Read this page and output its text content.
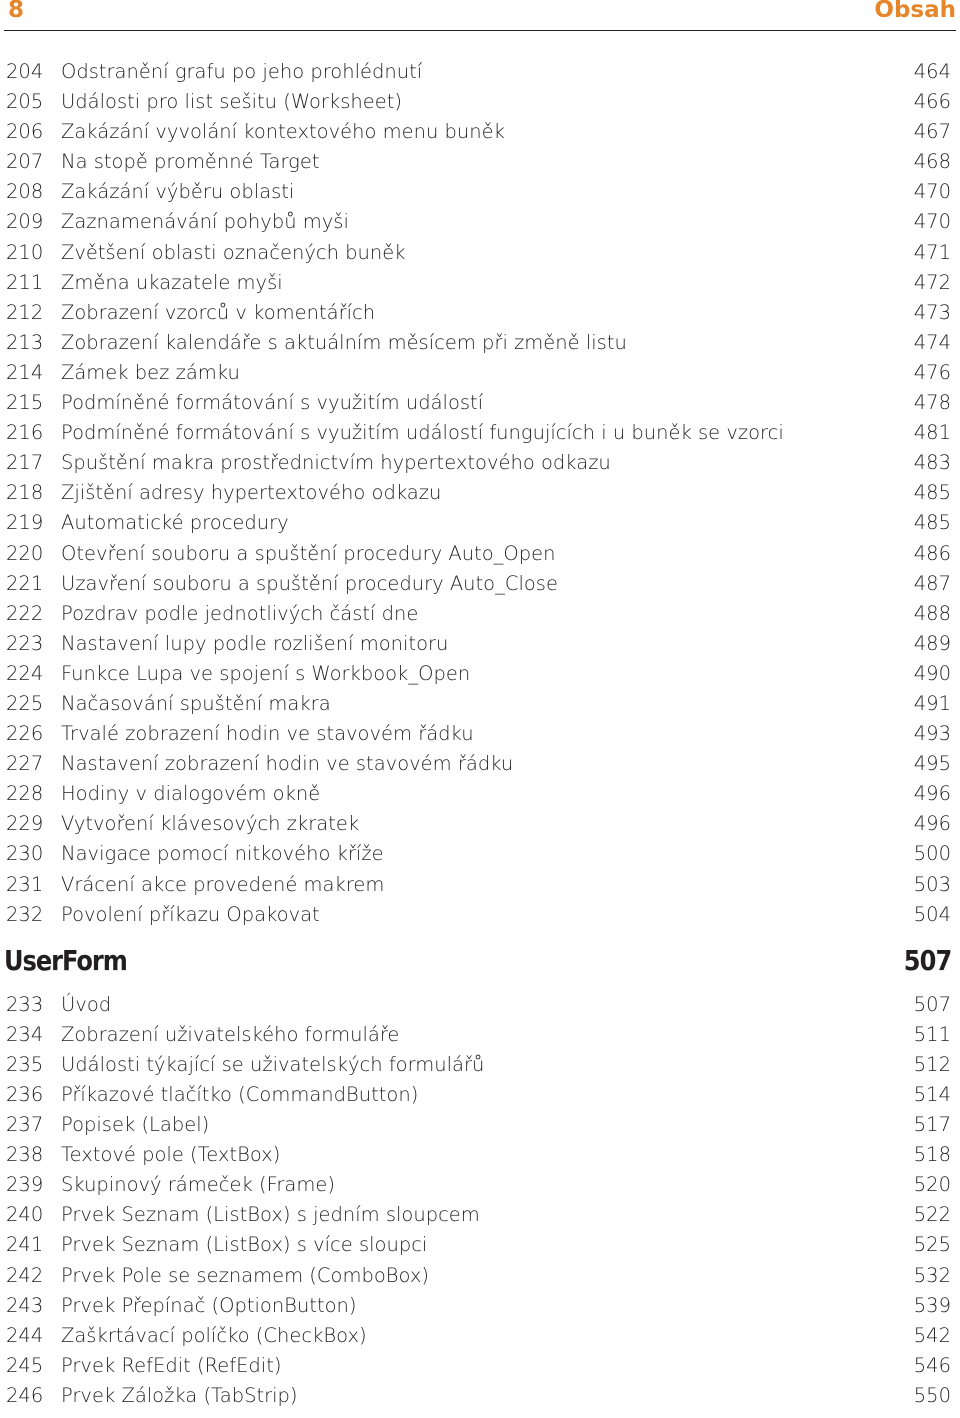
8	Obsah
204 Odstranění grafu po jeho prohlédnutí	464
205 Události pro list sešitu (Worksheet)	466
206 Zakázání vyvolání kontextového menu buněk	467
207 Na stopě proměnné Target	468
208 Zakázání výběru oblasti	470
209 Zaznamenávání pohybů myši	470
210 Zvětšení oblasti označených buněk	471
211 Změna ukazatele myši	472
212 Zobrazení vzorců v komentářích	473
213 Zobrazení kalendáře s aktuálním měsícem při změně listu	474
214 Zámek bez zámku	476
215 Podmíněné formátování s využitím událostí	478
216 Podmíněné formátování s využitím událostí fungujících i u buněk se vzorci	481
217 Spuštění makra prostřednictvím hypertextového odkazu	483
218 Zjištění adresy hypertextového odkazu	485
219 Automatické procedury	485
220 Otevření souboru a spuštění procedury Auto_Open	486
221 Uzavření souboru a spuštění procedury Auto_Close	487
222 Pozdrav podle jednotlivých částí dne	488
223 Nastavení lupy podle rozlišení monitoru	489
224 Funkce Lupa ve spojení s Workbook_Open	490
225 Načasování spuštění makra	491
226 Trvalé zobrazení hodin ve stavovém řádku	493
227 Nastavení zobrazení hodin ve stavovém řádku	495
228 Hodiny v dialogovém okně	496
229 Vytvoření klávesových zkratek	496
230 Navigace pomocí nitkového kříže	500
231 Vrácení akce provedené makrem	503
232 Povolení příkazu Opakovat	504
UserForm	507
233 Úvod	507
234 Zobrazení uživatelského formuláře	511
235 Události týkající se uživatelských formulářů	512
236 Příkazové tlačítko (CommandButton)	514
237 Popisek (Label)	517
238 Textové pole (TextBox)	518
239 Skupinový rámeček (Frame)	520
240 Prvek Seznam (ListBox) s jedním sloupcem	522
241 Prvek Seznam (ListBox) s více sloupci	525
242 Prvek Pole se seznamem (ComboBox)	532
243 Prvek Přepínač (OptionButton)	539
244 Zaškrtávací políčko (CheckBox)	542
245 Prvek RefEdit (RefEdit)	546
246 Prvek Záložka (TabStrip)	550
